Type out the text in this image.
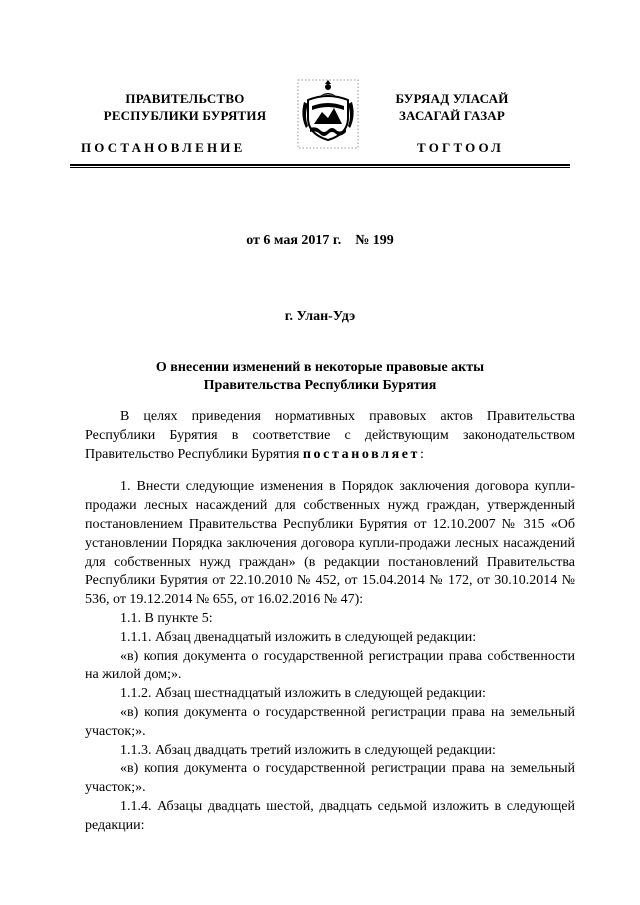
ПРАВИТЕЛЬСТВО
РЕСПУБЛИКИ БУРЯТИЯ
БУРЯАД УЛАСАЙ
ЗАСАГАЙ ГАЗАР
ПОСТАНОВЛЕНИЕ	ТОГТООЛ
от 6 мая 2017 г. № 199
г. Улан-Удэ
О внесении изменений в некоторые правовые акты
Правительства Республики Бурятия

В целях приведения нормативных правовых актов Правительства Республики Бурятия в соответствие с действующим законодательством Правительство Республики Бурятия постановляет:

1. Внести следующие изменения в Порядок заключения договора купли-продажи лесных насаждений для собственных нужд граждан, утвержденный постановлением Правительства Республики Бурятия от 12.10.2007 № 315 «Об установлении Порядка заключения договора купли-продажи лесных насаждений для собственных нужд граждан» (в редакции постановлений Правительства Республики Бурятия от 22.10.2010 № 452, от 15.04.2014 № 172, от 30.10.2014 № 536, от 19.12.2014 № 655, от 16.02.2016 № 47):

1.1. В пункте 5:

1.1.1. Абзац двенадцатый изложить в следующей редакции:

«в) копия документа о государственной регистрации права собственности на жилой дом;».

1.1.2. Абзац шестнадцатый изложить в следующей редакции:

«в) копия документа о государственной регистрации права на земельный участок;».

1.1.3. Абзац двадцать третий изложить в следующей редакции:

«в) копия документа о государственной регистрации права на земельный участок;».

1.1.4. Абзацы двадцать шестой, двадцать седьмой изложить в следующей редакции:
